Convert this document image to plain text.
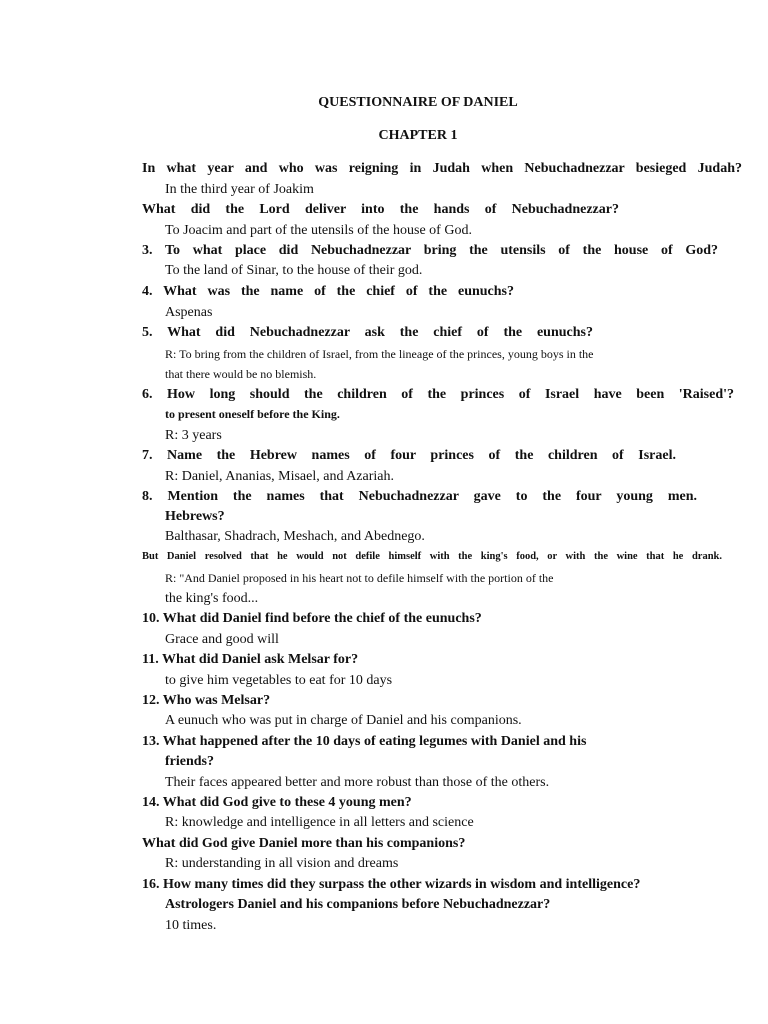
QUESTIONNAIRE OF DANIEL
CHAPTER 1
In what year and who was reigning in Judah when Nebuchadnezzar besieged Judah?
In the third year of Joakim
What did the Lord deliver into the hands of Nebuchadnezzar?
To Joacim and part of the utensils of the house of God.
3. To what place did Nebuchadnezzar bring the utensils of the house of God?
To the land of Sinar, to the house of their god.
4. What was the name of the chief of the eunuchs?
Aspenas
5. What did Nebuchadnezzar ask the chief of the eunuchs?
R: To bring from the children of Israel, from the lineage of the princes, young boys in the
that there would be no blemish.
6. How long should the children of the princes of Israel have been 'Raised'?
to present oneself before the King.
R: 3 years
7. Name the Hebrew names of four princes of the children of Israel.
R: Daniel, Ananias, Misael, and Azariah.
8. Mention the names that Nebuchadnezzar gave to the four young men.
Hebrews?
Balthasar, Shadrach, Meshach, and Abednego.
But Daniel resolved that he would not defile himself with the king's food, or with the wine that he drank.
R: "And Daniel proposed in his heart not to defile himself with the portion of the
the king's food...
10. What did Daniel find before the chief of the eunuchs?
Grace and good will
11. What did Daniel ask Melsar for?
to give him vegetables to eat for 10 days
12. Who was Melsar?
A eunuch who was put in charge of Daniel and his companions.
13. What happened after the 10 days of eating legumes with Daniel and his
friends?
Their faces appeared better and more robust than those of the others.
14. What did God give to these 4 young men?
R: knowledge and intelligence in all letters and science
What did God give Daniel more than his companions?
R: understanding in all vision and dreams
16. How many times did they surpass the other wizards in wisdom and intelligence?
Astrologers Daniel and his companions before Nebuchadnezzar?
10 times.
